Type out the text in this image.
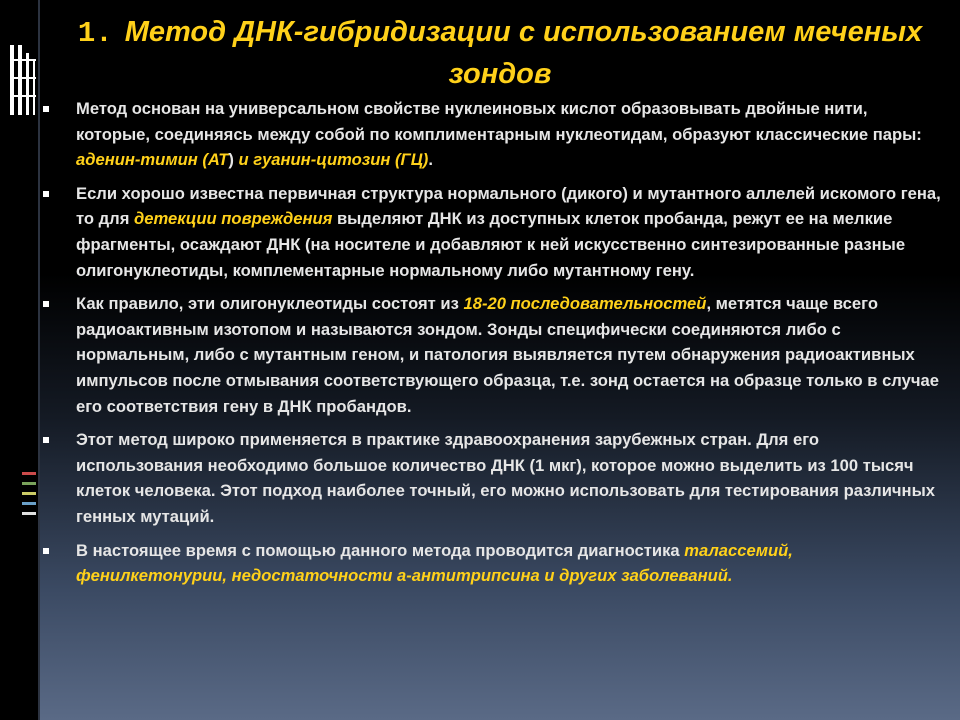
1. Метод ДНК-гибридизации с использованием меченых зондов
Метод основан на универсальном свойстве нуклеиновых кислот образовывать двойные нити, которые, соединяясь между собой по комплиментарным нуклеотидам, образуют классические пары: аденин-тимин (АТ) и гуанин-цитозин (ГЦ).
Если хорошо известна первичная структура нормального (дикого) и мутантного аллелей искомого гена, то для детекции повреждения выделяют ДНК из доступных клеток пробанда, режут ее на мелкие фрагменты, осаждают ДНК (на носителе и добавляют к ней искусственно синтезированные разные олигонуклеотиды, комплементарные нормальному либо мутантному гену.
Как правило, эти олигонуклеотиды состоят из 18-20 последовательностей, метятся чаще всего радиоактивным изотопом и называются зондом. Зонды специфически соединяются либо с нормальным, либо с мутантным геном, и патология выявляется путем обнаружения радиоактивных импульсов после отмывания соответствующего образца, т.е. зонд остается на образце только в случае его соответствия гену в ДНК пробандов.
Этот метод широко применяется в практике здравоохранения зарубежных стран. Для его использования необходимо большое количество ДНК (1 мкг), которое можно выделить из 100 тысяч клеток человека. Этот подход наиболее точный, его можно использовать для тестирования различных генных мутаций.
В настоящее время с помощью данного метода проводится диагностика талассемий, фенилкетонурии, недостаточности а-антитрипсина и других заболеваний.
